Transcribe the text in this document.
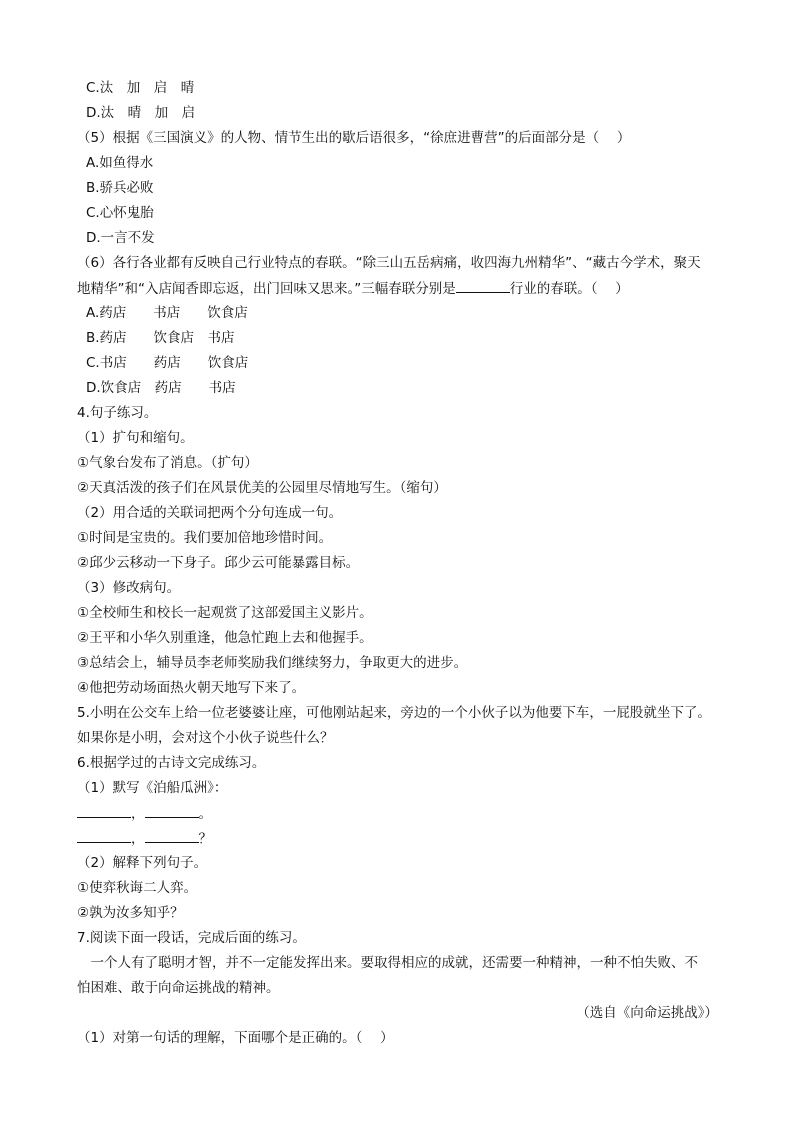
C.汰　加　启　晴
D.汰　晴　加　启
（5）根据《三国演义》的人物、情节生出的歇后语很多，“徐庶进曹营”的后面部分是（　 ）
A.如鱼得水
B.骄兵必败
C.心怀鬼胎
D.一言不发
（6）各行各业都有反映自己行业特点的春联。“除三山五岳病痛，收四海九州精华”、“藏古今学术，聚天
地精华”和“入店闻香即忘返，出门回味又思来。”三幅春联分别是	行业的春联。（　 ）
A.药店　　书店　　饮食店
B.药店　　饮食店　书店
C.书店　　药店　　饮食店
D.饮食店　药店　　书店
4.句子练习。
（1）扩句和缩句。
①气象台发布了消息。（扩句）
②天真活泼的孩子们在风景优美的公园里尽情地写生。（缩句）
（2）用合适的关联词把两个分句连成一句。
①时间是宝贵的。我们要加倍地珍惜时间。
②邱少云移动一下身子。邱少云可能暴露目标。
（3）修改病句。
①全校师生和校长一起观赏了这部爱国主义影片。
②王平和小华久别重逢，他急忙跑上去和他握手。
③总结会上，辅导员李老师奖励我们继续努力，争取更大的进步。
④他把劳动场面热火朝天地写下来了。
5.小明在公交车上给一位老婆婆让座，可他刚站起来，旁边的一个小伙子以为他要下车，一屁股就坐下了。
如果你是小明，会对这个小伙子说些什么？
6.根据学过的古诗文完成练习。
（1）默写《泊船瓜洲》：
，	。
，	？
（2）解释下列句子。
①使弈秋诲二人弈。
②孰为汝多知乎？
7.阅读下面一段话，完成后面的练习。
　一个人有了聪明才智，并不一定能发挥出来。要取得相应的成就，还需要一种精神，一种不怕失败、不
怕困难、敢于向命运挑战的精神。
（选自《向命运挑战》）
（1）对第一句话的理解，下面哪个是正确的。（　 ）
